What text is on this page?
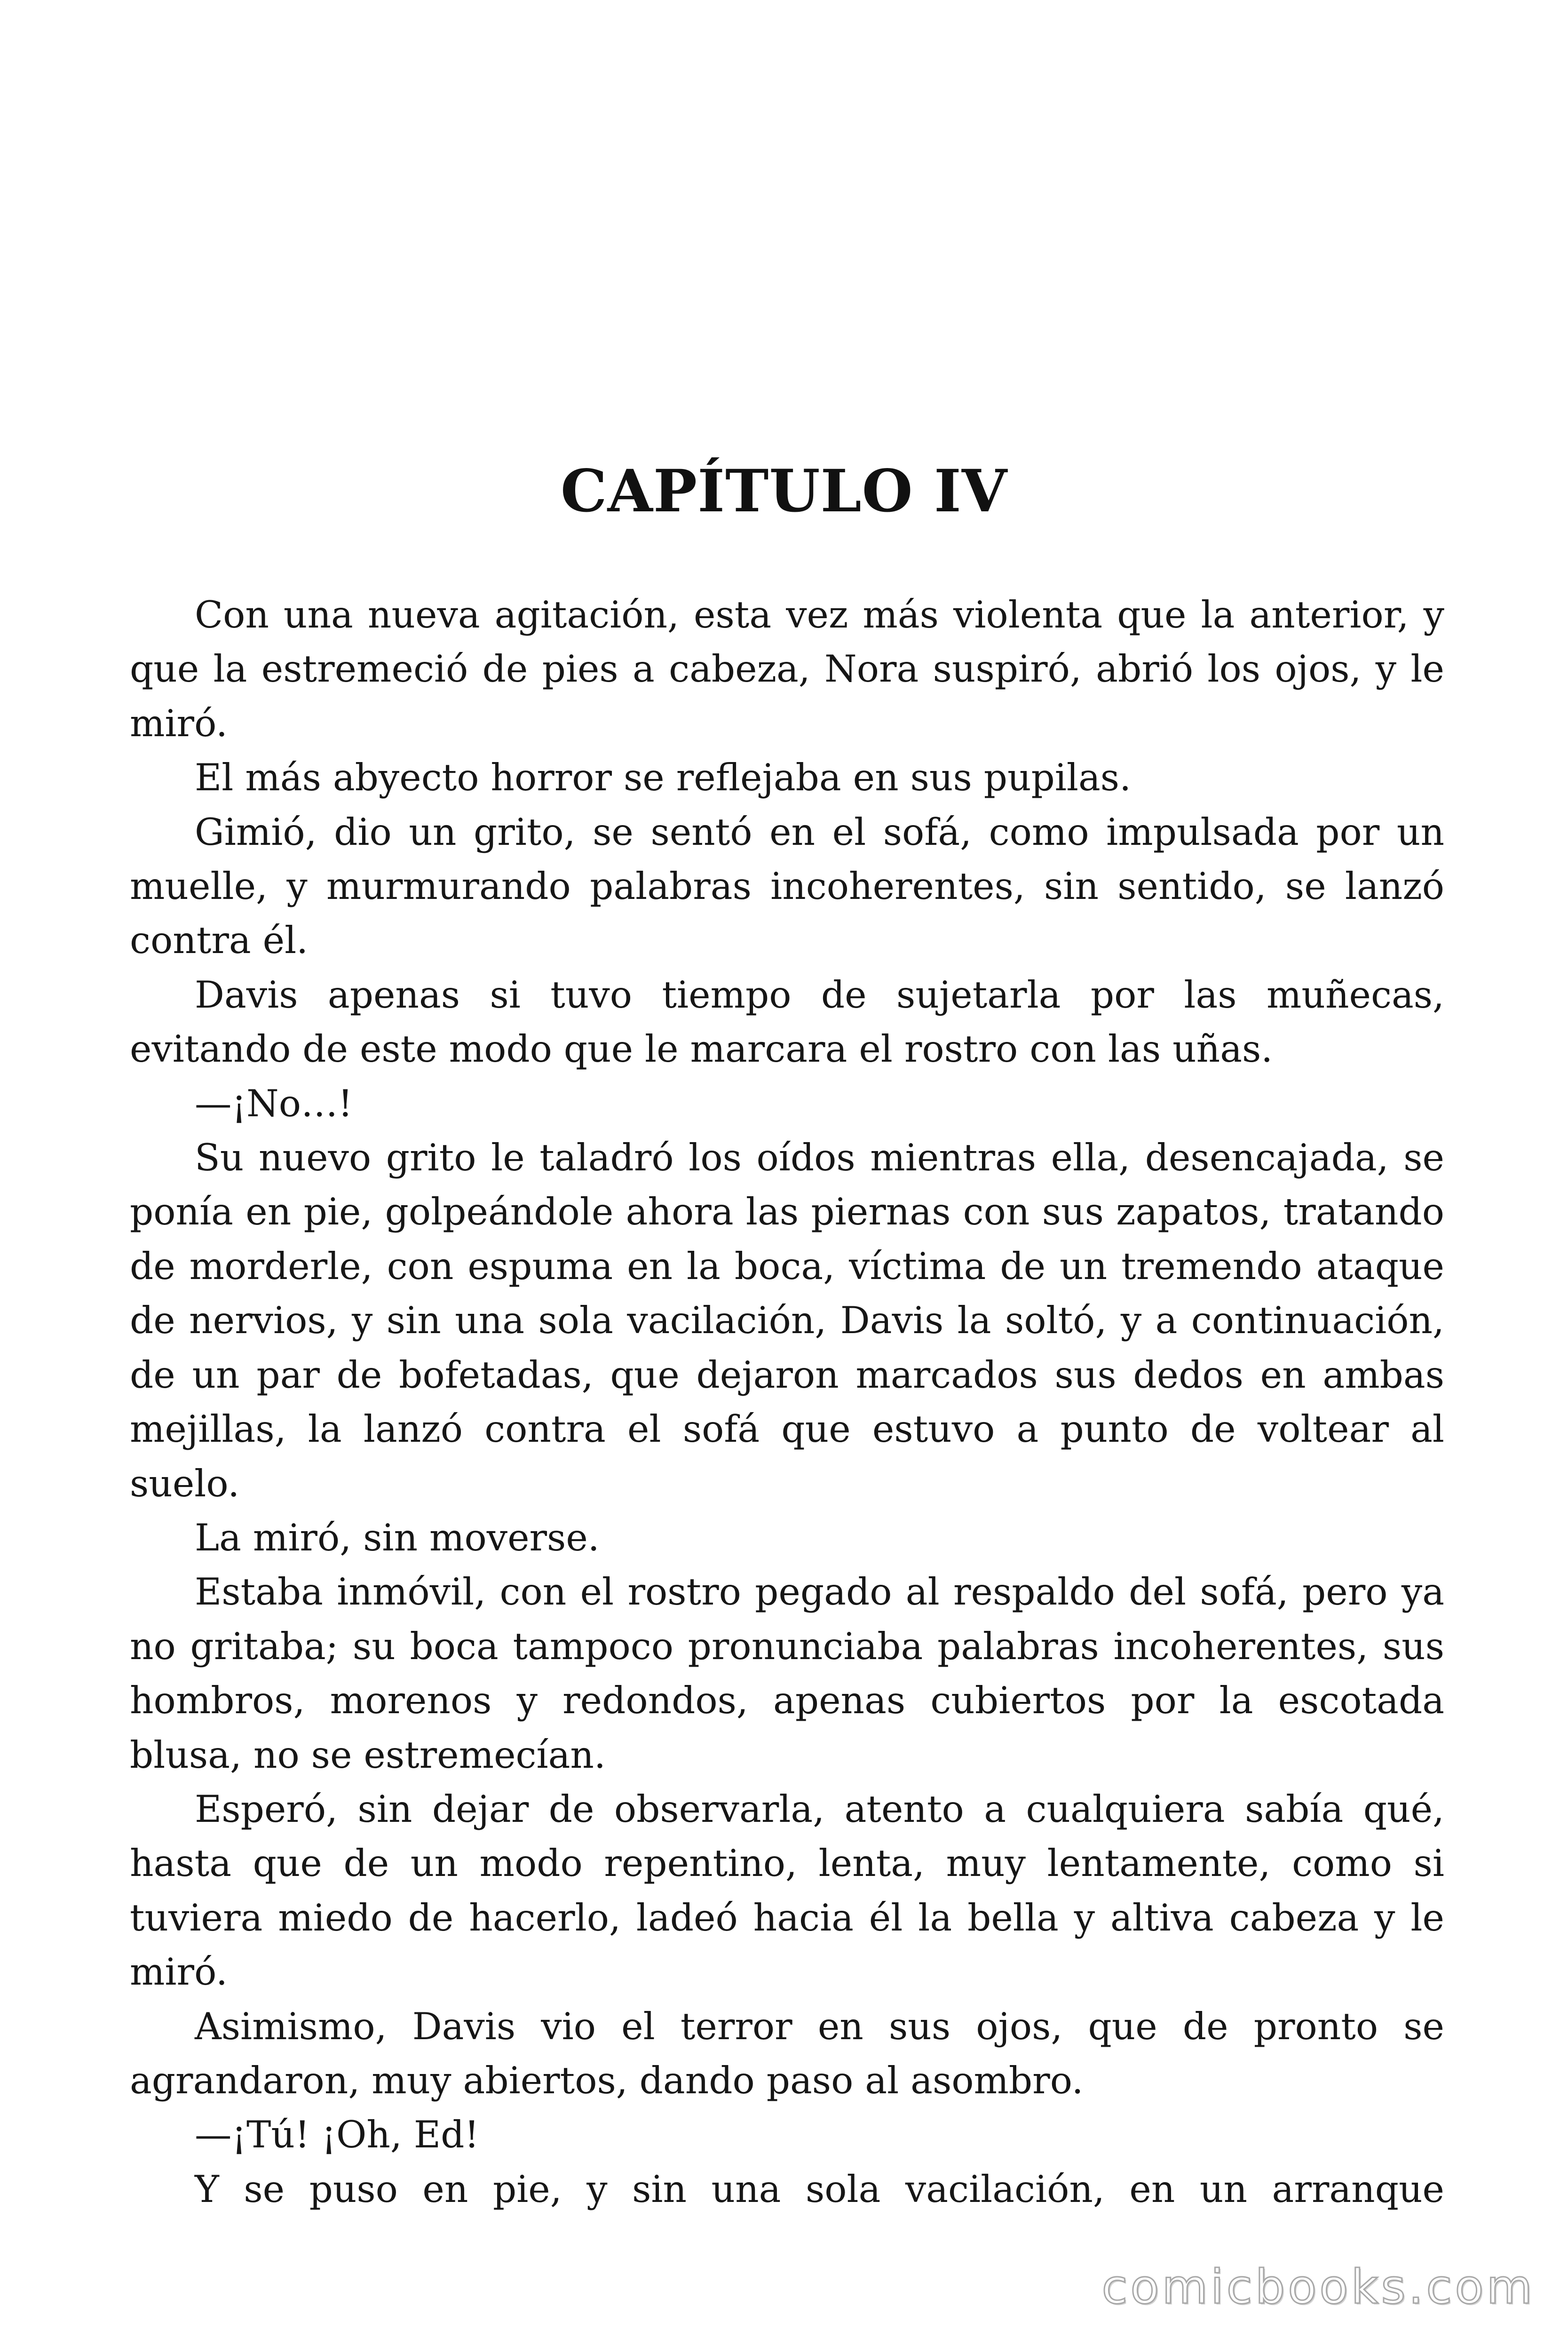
CAPÍTULO IV

Con una nueva agitación, esta vez más violenta que la anterior, y que la estremeció de pies a cabeza, Nora suspiró, abrió los ojos, y le miró.

El más abyecto horror se reflejaba en sus pupilas.

Gimió, dio un grito, se sentó en el sofá, como impulsada por un muelle, y murmurando palabras incoherentes, sin sentido, se lanzó contra él.

Davis apenas si tuvo tiempo de sujetarla por las muñecas, evitando de este modo que le marcara el rostro con las uñas.

—¡No…!

Su nuevo grito le taladró los oídos mientras ella, desencajada, se ponía en pie, golpeándole ahora las piernas con sus zapatos, tratando de morderle, con espuma en la boca, víctima de un tremendo ataque de nervios, y sin una sola vacilación, Davis la soltó, y a continuación, de un par de bofetadas, que dejaron marcados sus dedos en ambas mejillas, la lanzó contra el sofá que estuvo a punto de voltear al suelo.

La miró, sin moverse.

Estaba inmóvil, con el rostro pegado al respaldo del sofá, pero ya no gritaba; su boca tampoco pronunciaba palabras incoherentes, sus hombros, morenos y redondos, apenas cubiertos por la escotada blusa, no se estremecían.

Esperó, sin dejar de observarla, atento a cualquiera sabía qué, hasta que de un modo repentino, lenta, muy lentamente, como si tuviera miedo de hacerlo, ladeó hacia él la bella y altiva cabeza y le miró.

Asimismo, Davis vio el terror en sus ojos, que de pronto se agrandaron, muy abiertos, dando paso al asombro.

—¡Tú! ¡Oh, Ed!

Y se puso en pie, y sin una sola vacilación, en un arranque

comicbooks.com
